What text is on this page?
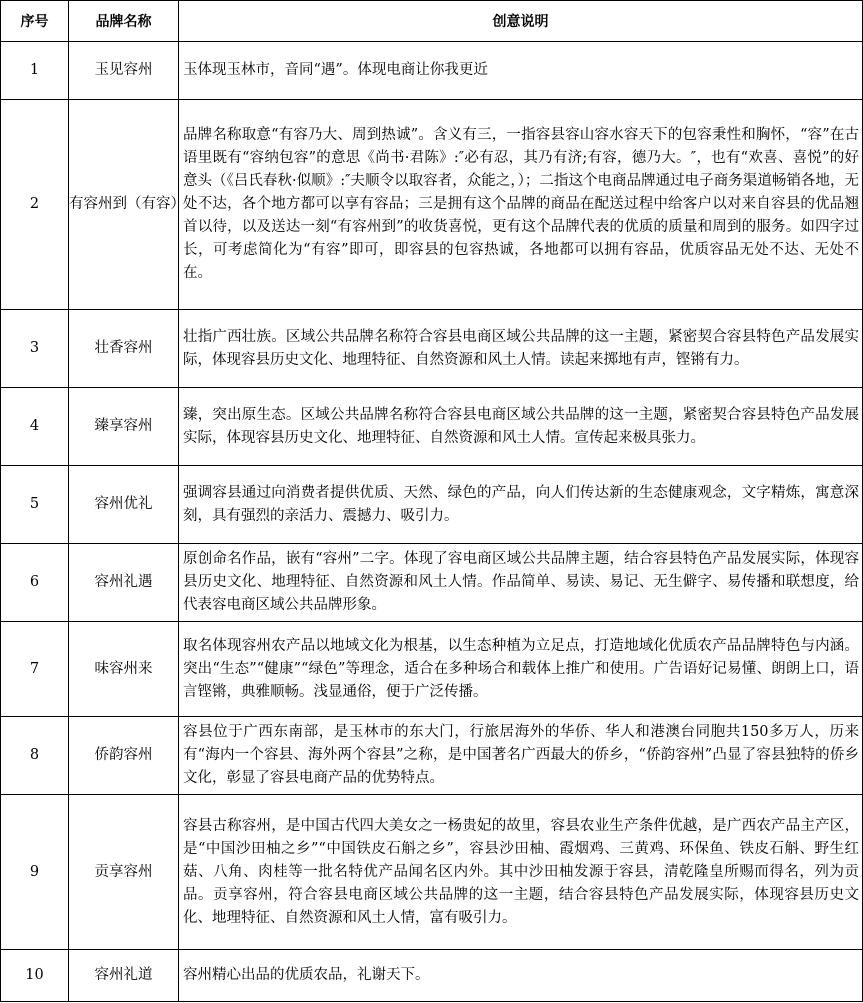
序号	品牌名称	创意说明
1	玉见容州	玉体现玉林市，音同“遇”。体现电商让你我更近
2	有容州到（有容）	品牌名称取意“有容乃大、周到热诚”。含义有三，一指容县容山容水容天下的包容秉性和胸怀，“容”在古语里既有“容纳包容”的意思《尚书·君陈》:″必有忍，其乃有济;有容，德乃大。″，也有“欢喜、喜悦”的好意头（《吕氏春秋·似顺》:″夫顺令以取容者，众能之，）；二指这个电商品牌通过电子商务渠道畅销各地，无处不达，各个地方都可以享有容品；三是拥有这个品牌的商品在配送过程中给客户以对来自容县的优品翘首以待，以及送达一刻“有容州到”的收货喜悦，更有这个品牌代表的优质的质量和周到的服务。如四字过长，可考虑简化为“有容”即可，即容县的包容热诚，各地都可以拥有容品，优质容品无处不达、无处不在。
3	壮香容州	壮指广西壮族。区域公共品牌名称符合容县电商区域公共品牌的这一主题，紧密契合容县特色产品发展实际，体现容县历史文化、地理特征、自然资源和风土人情。读起来掷地有声，铿锵有力。
4	臻享容州	臻，突出原生态。区域公共品牌名称符合容县电商区域公共品牌的这一主题，紧密契合容县特色产品发展实际，体现容县历史文化、地理特征、自然资源和风土人情。宣传起来极具张力。
5	容州优礼	强调容县通过向消费者提供优质、天然、绿色的产品，向人们传达新的生态健康观念，文字精炼，寓意深刻，具有强烈的亲活力、震撼力、吸引力。
6	容州礼遇	原创命名作品，嵌有“容州”二字。体现了容电商区域公共品牌主题，结合容县特色产品发展实际，体现容县历史文化、地理特征、自然资源和风土人情。作品简单、易读、易记、无生僻字、易传播和联想度，给代表容电商区域公共品牌形象。
7	味容州来	取名体现容州农产品以地域文化为根基，以生态种植为立足点，打造地域化优质农产品品牌特色与内涵。突出“生态”“健康”“绿色”等理念，适合在多种场合和载体上推广和使用。广告语好记易懂、朗朗上口，语言铿锵，典雅顺畅。浅显通俗，便于广泛传播。
8	侨韵容州	容县位于广西东南部，是玉林市的东大门，行旅居海外的华侨、华人和港澳台同胞共150多万人，历来有“海内一个容县、海外两个容县”之称，是中国著名广西最大的侨乡，“侨韵容州”凸显了容县独特的侨乡文化，彰显了容县电商产品的优势特点。
9	贡享容州	容县古称容州，是中国古代四大美女之一杨贵妃的故里，容县农业生产条件优越，是广西农产品主产区，是“中国沙田柚之乡”“中国铁皮石斛之乡”，容县沙田柚、霞烟鸡、三黄鸡、环保鱼、铁皮石斛、野生红菇、八角、肉桂等一批名特优产品闻名区内外。其中沙田柚发源于容县，清乾隆皇所赐而得名，列为贡品。贡享容州，符合容县电商区域公共品牌的这一主题，结合容县特色产品发展实际，体现容县历史文化、地理特征、自然资源和风土人情，富有吸引力。
10	容州礼道	容州精心出品的优质农品，礼谢天下。
